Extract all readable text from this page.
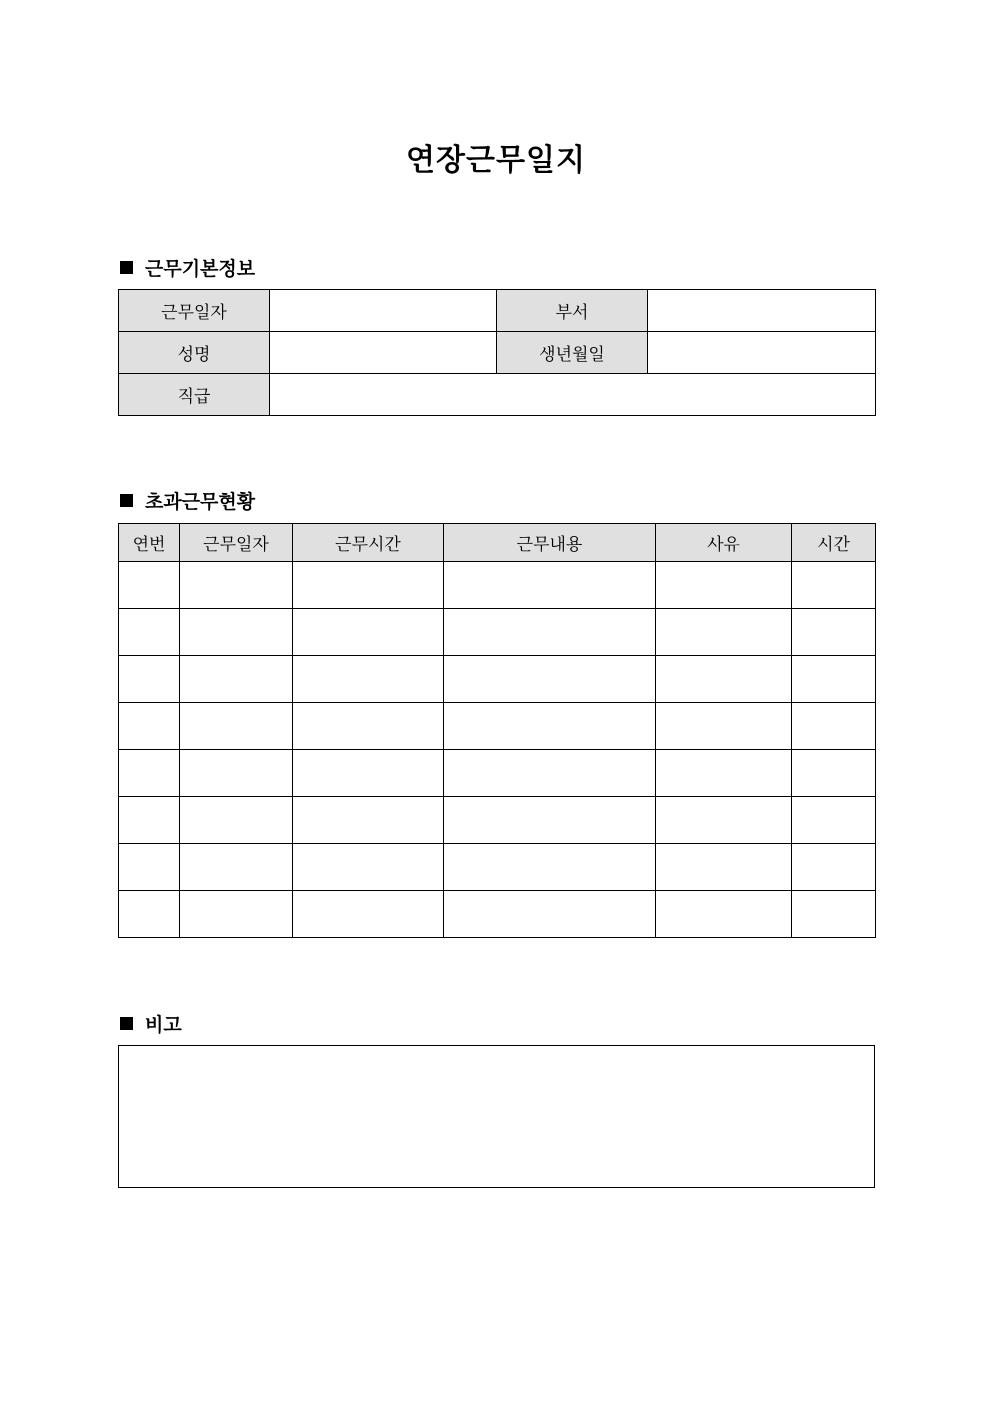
연장근무일지
근무기본정보
근무일자		부서	
성명		생년월일	
직급			
초과근무현황
연번	근무일자	근무시간	근무내용	사유	시간

비고
